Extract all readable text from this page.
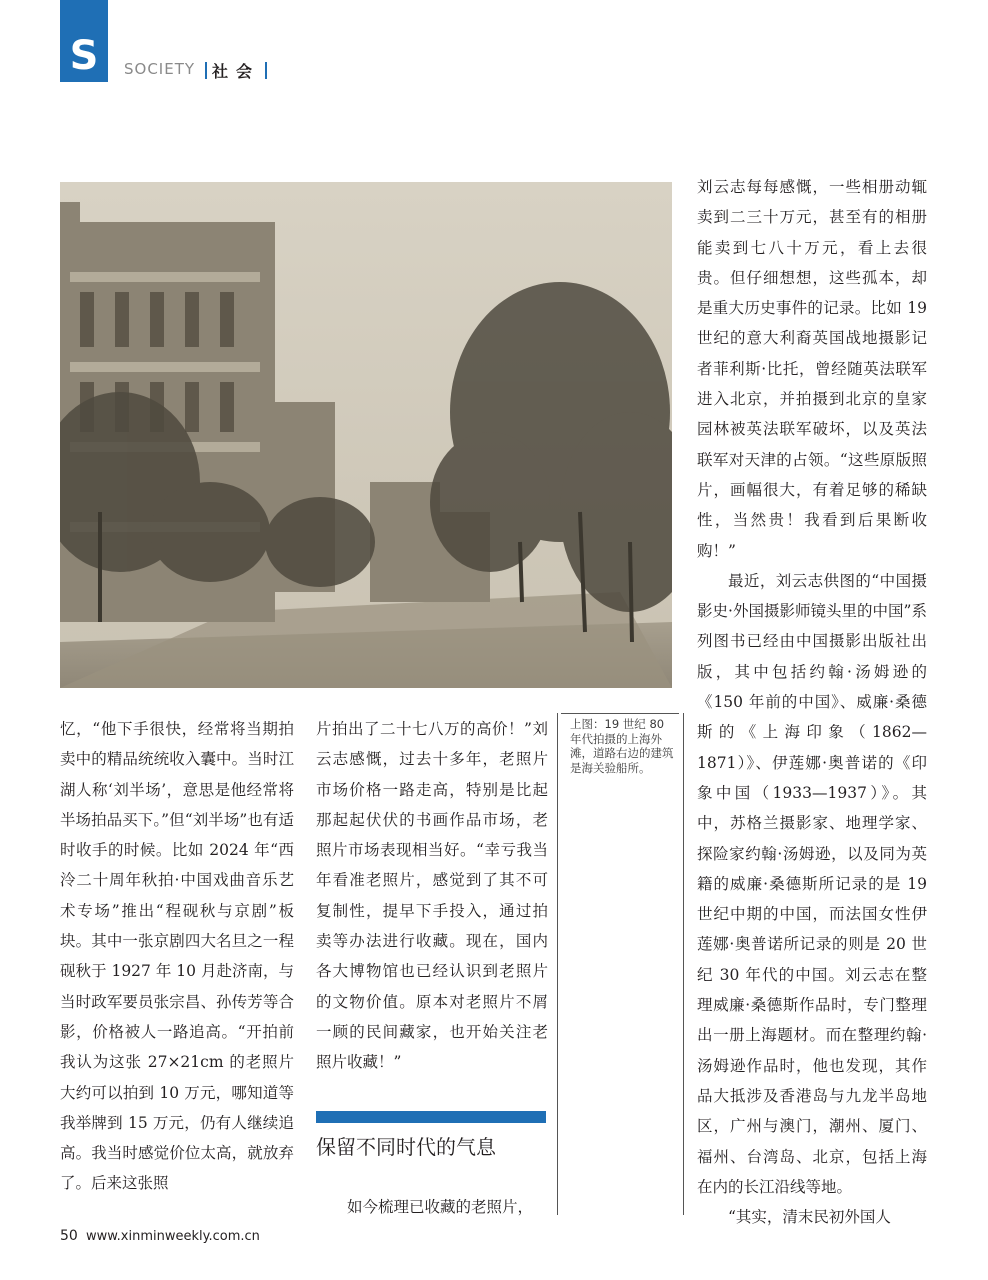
S SOCIETY	社会

忆，“他下手很快，经常将当期拍卖中的精品统统收入囊中。当时江湖人称‘刘半场’，意思是他经常将半场拍品买下。”但“刘半场”也有适时收手的时候。比如 2024 年“西泠二十周年秋拍·中国戏曲音乐艺术专场”推出“程砚秋与京剧”板块。其中一张京剧四大名旦之一程砚秋于 1927 年 10 月赴济南，与当时政军要员张宗昌、孙传芳等合影，价格被人一路追高。“开拍前我认为这张 27×21cm 的老照片大约可以拍到 10 万元，哪知道等我举牌到 15 万元，仍有人继续追高。我当时感觉价位太高，就放弃了。后来这张照

片拍出了二十七八万的高价！”刘云志感慨，过去十多年，老照片市场价格一路走高，特别是比起那起起伏伏的书画作品市场，老照片市场表现相当好。“幸亏我当年看准老照片，感觉到了其不可复制性，提早下手投入，通过拍卖等办法进行收藏。现在，国内各大博物馆也已经认识到老照片的文物价值。原本对老照片不屑一顾的民间藏家，也开始关注老照片收藏！”

上图：19 世纪 80 年代拍摄的上海外滩，道路右边的建筑是海关验船所。
保留不同时代的气息
如今梳理已收藏的老照片，

刘云志每每感慨，一些相册动辄卖到二三十万元，甚至有的相册能卖到七八十万元，看上去很贵。但仔细想想，这些孤本，却是重大历史事件的记录。比如 19 世纪的意大利裔英国战地摄影记者菲利斯·比托，曾经随英法联军进入北京，并拍摄到北京的皇家园林被英法联军破坏，以及英法联军对天津的占领。“这些原版照片，画幅很大，有着足够的稀缺性，当然贵！我看到后果断收购！”

最近，刘云志供图的“中国摄影史·外国摄影师镜头里的中国”系列图书已经由中国摄影出版社出版，其中包括约翰·汤姆逊的《150 年前的中国》、威廉·桑德斯的《上海印象（1862—1871）》、伊莲娜·奥普诺的《印象中国（1933—1937）》。其中，苏格兰摄影家、地理学家、探险家约翰·汤姆逊，以及同为英籍的威廉·桑德斯所记录的是 19 世纪中期的中国，而法国女性伊莲娜·奥普诺所记录的则是 20 世纪 30 年代的中国。刘云志在整理威廉·桑德斯作品时，专门整理出一册上海题材。而在整理约翰·汤姆逊作品时，他也发现，其作品大抵涉及香港岛与九龙半岛地区，广州与澳门，潮州、厦门、福州、台湾岛、北京，包括上海在内的长江沿线等地。

“其实，清末民初外国人

50 www.xinminweekly.com.cn
